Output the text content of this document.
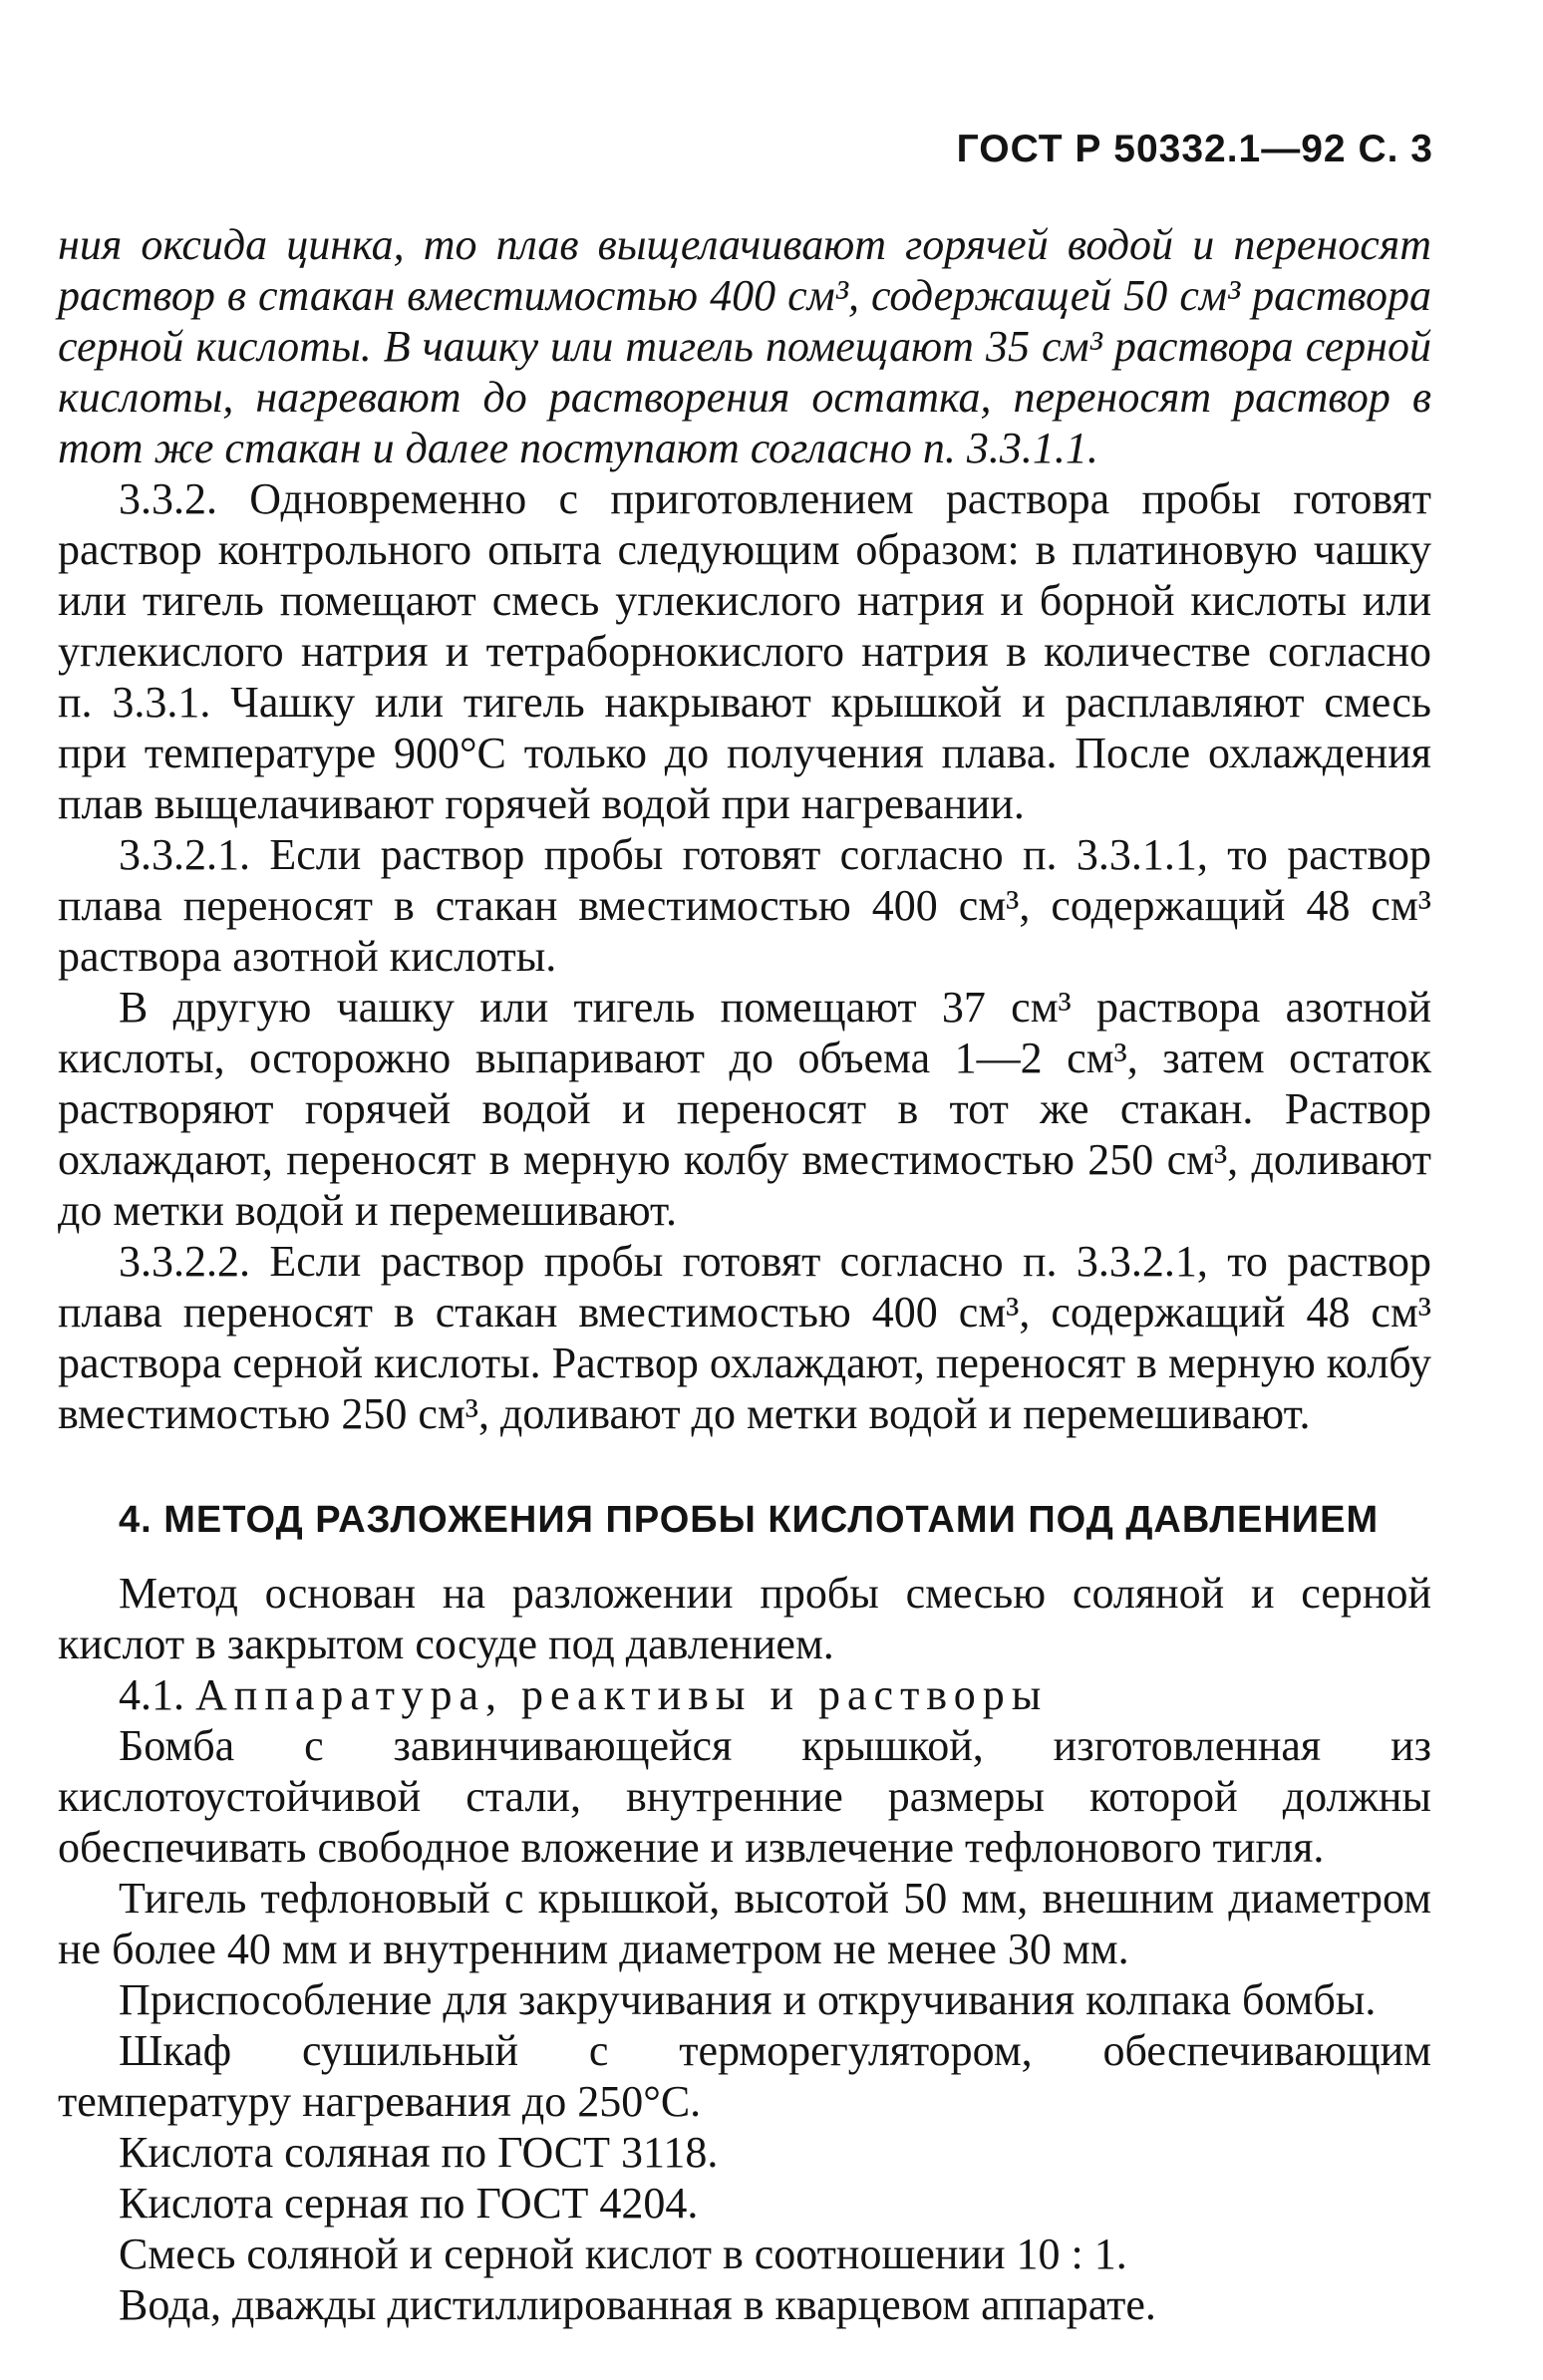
ГОСТ Р 50332.1—92 С. 3

ния оксида цинка, то плав выщелачивают горячей водой и переносят раствор в стакан вместимостью 400 см³, содержащей 50 см³ раствора серной кислоты. В чашку или тигель помещают 35 см³ раствора серной кислоты, нагревают до растворения остатка, переносят раствор в тот же стакан и далее поступают согласно п. 3.3.1.1.

3.3.2. Одновременно с приготовлением раствора пробы готовят раствор контрольного опыта следующим образом: в платиновую чашку или тигель помещают смесь углекислого натрия и борной кислоты или углекислого натрия и тетраборнокислого натрия в количестве согласно п. 3.3.1. Чашку или тигель накрывают крышкой и расплавляют смесь при температуре 900°С только до получения плава. После охлаждения плав выщелачивают горячей водой при нагревании.

3.3.2.1. Если раствор пробы готовят согласно п. 3.3.1.1, то раствор плава переносят в стакан вместимостью 400 см³, содержащий 48 см³ раствора азотной кислоты.

В другую чашку или тигель помещают 37 см³ раствора азотной кислоты, осторожно выпаривают до объема 1—2 см³, затем остаток растворяют горячей водой и переносят в тот же стакан. Раствор охлаждают, переносят в мерную колбу вместимостью 250 см³, доливают до метки водой и перемешивают.

3.3.2.2. Если раствор пробы готовят согласно п. 3.3.2.1, то раствор плава переносят в стакан вместимостью 400 см³, содержащий 48 см³ раствора серной кислоты. Раствор охлаждают, переносят в мерную колбу вместимостью 250 см³, доливают до метки водой и перемешивают.

4. МЕТОД РАЗЛОЖЕНИЯ ПРОБЫ КИСЛОТАМИ ПОД ДАВЛЕНИЕМ

Метод основан на разложении пробы смесью соляной и серной кислот в закрытом сосуде под давлением.

4.1. Аппаратура, реактивы и растворы

Бомба с завинчивающейся крышкой, изготовленная из кислотоустойчивой стали, внутренние размеры которой должны обеспечивать свободное вложение и извлечение тефлонового тигля.

Тигель тефлоновый с крышкой, высотой 50 мм, внешним диаметром не более 40 мм и внутренним диаметром не менее 30 мм.

Приспособление для закручивания и откручивания колпака бомбы.

Шкаф сушильный с терморегулятором, обеспечивающим температуру нагревания до 250°С.

Кислота соляная по ГОСТ 3118.

Кислота серная по ГОСТ 4204.

Смесь соляной и серной кислот в соотношении 10 : 1.

Вода, дважды дистиллированная в кварцевом аппарате.
